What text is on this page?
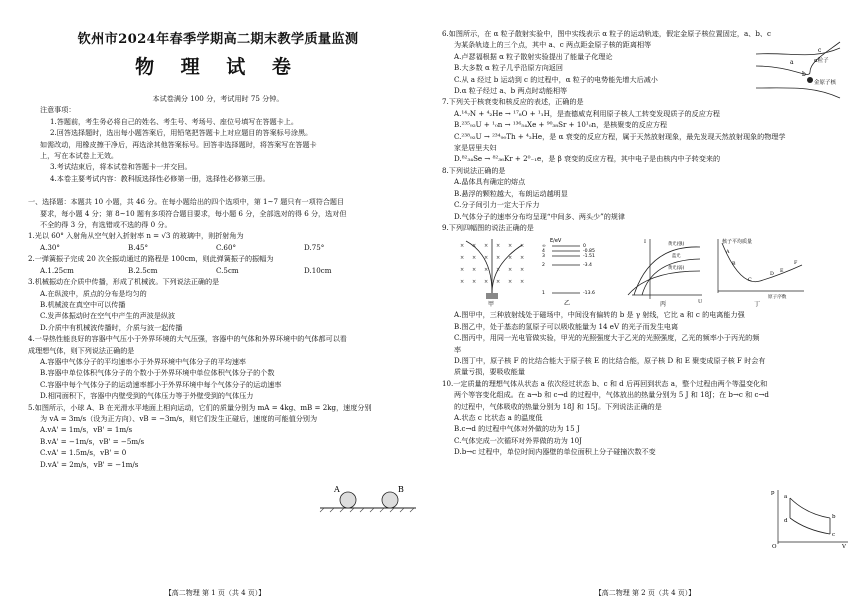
钦州市2024年春季学期高二期末教学质量监测

物 理 试 卷

本试卷满分 100 分，考试用时 75 分钟。

注意事项：

1.答题前，考生务必将自己的姓名、考生号、考场号、座位号填写在答题卡上。

2.回答选择题时，选出每小题答案后，用铅笔把答题卡上对应题目的答案标号涂黑。

如需改动，用橡皮擦干净后，再选涂其他答案标号。回答非选择题时，将答案写在答题卡

上，写在本试卷上无效。

3.考试结束后，将本试卷和答题卡一并交回。

4.本卷主要考试内容：教科版选择性必修第一册，选择性必修第三册。

一、选择题：本题共 10 小题，共 46 分。在每小题给出的四个选项中，第 1~7 题只有一项符合题目

要求，每小题 4 分；第 8~10 题有多项符合题目要求，每小题 6 分，全部选对的得 6 分，选对但

不全的得 3 分，有选错或不选的得 0 分。

1.光以 60° 入射角从空气射入折射率 n = √3 的玻璃中，则折射角为

A.30°	B.45°	C.60°	D.75°

2.一弹簧振子完成 20 次全振动通过的路程是 100cm，则此弹簧振子的振幅为

A.1.25cm	B.2.5cm	C.5cm	D.10cm

3.机械振动在介质中传播，形成了机械波。下列说法正确的是

A.在纵波中，质点的分布是均匀的

B.机械波在真空中可以传播

C.发声体振动时在空气中产生的声波是纵波

D.介质中有机械波传播时，介质与波一起传播

4.一导热性能良好的容器中气压小于外界环境的大气压强，容器中的气体和外界环境中的气体都可以看

成理想气体，则下列说法正确的是

A.容器中气体分子的平均速率小于外界环境中气体分子的平均速率

B.容器中单位体积气体分子的个数小于外界环境中单位体积气体分子的个数

C.容器中每个气体分子的运动速率都小于外界环境中每个气体分子的运动速率

D.相同面积下，容器中内壁受到的气体压力等于外壁受到的气体压力

5.如图所示，小球 A、B 在光滑水平地面上相向运动，它们的质量分别为 mA = 4kg、mB = 2kg，速度分别

为 vA = 3m/s（设为正方向）、vB = −3m/s，则它们发生正碰后，速度的可能值分别为

A.vA' = 1m/s，vB' = 1m/s

B.vA' = −1m/s，vB' = −5m/s

C.vA' = 1.5m/s，vB' = 0

D.vA' = 2m/s，vB' = −1m/s

A	B
【高二物理 第 1 页（共 4 页）】

6.如图所示，在 α 粒子散射实验中，图中实线表示 α 粒子的运动轨迹，假定金原子核位置固定，a、b、c

为某条轨迹上的三个点，其中 a、c 两点距金原子核的距离相等

A.卢瑟福根据 α 粒子散射实验提出了能量子化理论

B.大多数 α 粒子几乎沿原方向返回

C.从 a 经过 b 运动到 c 的过程中，α 粒子的电势能先增大后减小

D.α 粒子经过 a、b 两点时动能相等

α粒子
金原子核
a
b
c

7.下列关于核衰变和核反应的表述，正确的是

A.¹⁴₇N + ⁴₂He → ¹⁷₈O + ¹₁H，是查德威克利用原子核人工转变发现质子的反应方程

B.²³⁵₉₂U + ¹₀n → ¹³⁶₅₄Xe + ⁹⁰₃₈Sr + 10¹₀n，是核聚变的反应方程

C.²³⁸₉₂U → ²³⁴₉₀Th + ⁴₂He，是 α 衰变的反应方程，属于天然放射现象，最先发现天然放射现象的物理学

家是居里夫妇

D.⁸²₃₄Se → ⁸²₃₆Kr + 2⁰₋₁e，是 β 衰变的反应方程，其中电子是由核内中子转变来的

8.下列说法正确的是

A.晶体具有确定的熔点

B.悬浮的颗粒越大，布朗运动越明显

C.分子间引力一定大于斥力

D.气体分子的速率分布均呈现“中间多、两头少”的规律

9.下列四幅图的说法正确的是

× × × × × ×
× × × × × ×
× × × × × ×
× × × × × ×
甲
E/eV
∞
4
3
2
1
0
-0.85
-1.51
-3.4
-13.6
乙
I
U
黄光(强)
蓝光
黄光(弱)
丙
核子平均质量
原子序数
A
B
C
D
E
F
丁

A.图甲中，三种放射线处于磁场中，中间没有偏转的 b 是 γ 射线，它比 a 和 c 的电离能力强

B.图乙中，处于基态的氢原子可以吸收能量为 14 eV 的光子而发生电离

C.图丙中，用同一光电管做实验，甲光的光照强度大于乙光的光照强度，乙光的频率小于丙光的频

率

D.图丁中，原子核 F 的比结合能大于原子核 E 的比结合能，原子核 D 和 E 聚变成原子核 F 时会有

质量亏损，要吸收能量

10.一定质量的理想气体从状态 a 依次经过状态 b、c 和 d 后再回到状态 a，整个过程由两个等温变化和

两个等容变化组成。在 a→b 和 c→d 的过程中，气体放出的热量分别为 5 J 和 18J；在 b→c 和 c→d

的过程中，气体吸收的热量分别为 18J 和 15J。下列说法正确的是

A.状态 c 比状态 a 的温度低

B.c→d 的过程中气体对外做的功为 15 J

C.气体完成一次循环对外界做的功为 10J

D.b→c 过程中，单位时间内器壁的单位面积上分子碰撞次数不变

p
V
a
b
c
d
O
【高二物理 第 2 页（共 4 页）】
